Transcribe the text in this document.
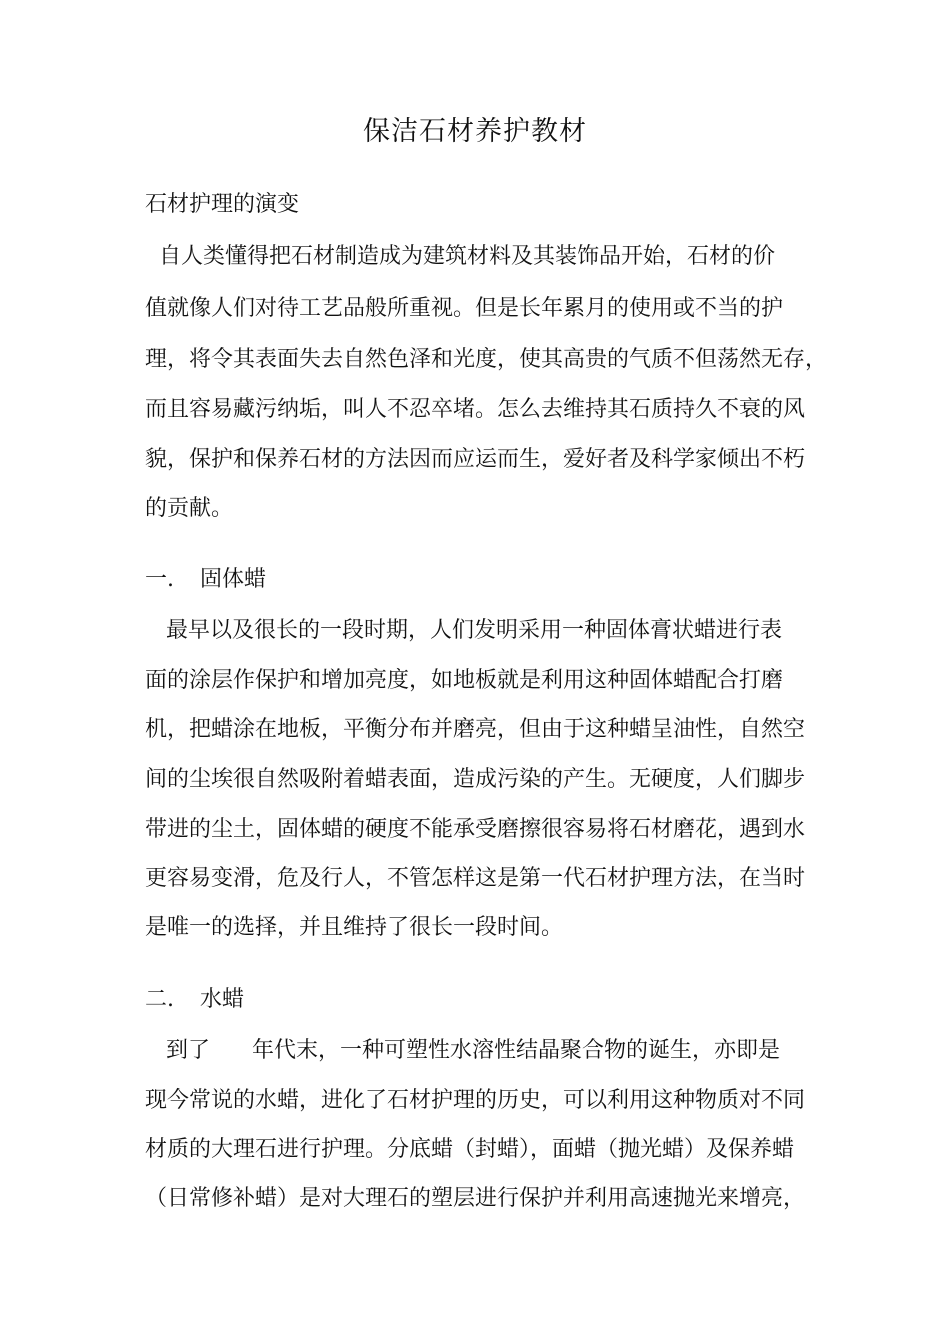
保洁石材养护教材
石材护理的演变
自人类懂得把石材制造成为建筑材料及其装饰品开始，石材的价
值就像人们对待工艺品般所重视。但是长年累月的使用或不当的护
理，将令其表面失去自然色泽和光度，使其高贵的气质不但荡然无存，
而且容易藏污纳垢，叫人不忍卒堵。怎么去维持其石质持久不衰的风
貌，保护和保养石材的方法因而应运而生，爱好者及科学家倾出不朽
的贡献。
一. 固体蜡
最早以及很长的一段时期，人们发明采用一种固体膏状蜡进行表
面的涂层作保护和增加亮度，如地板就是利用这种固体蜡配合打磨
机，把蜡涂在地板，平衡分布并磨亮，但由于这种蜡呈油性，自然空
间的尘埃很自然吸附着蜡表面，造成污染的产生。无硬度，人们脚步
带进的尘土，固体蜡的硬度不能承受磨擦很容易将石材磨花，遇到水
更容易变滑，危及行人，不管怎样这是第一代石材护理方法，在当时
是唯一的选择，并且维持了很长一段时间。
二. 水蜡
到了      年代末，一种可塑性水溶性结晶聚合物的诞生，亦即是
现今常说的水蜡，进化了石材护理的历史，可以利用这种物质对不同
材质的大理石进行护理。分底蜡（封蜡），面蜡（抛光蜡）及保养蜡
（日常修补蜡）是对大理石的塑层进行保护并利用高速抛光来增亮，
